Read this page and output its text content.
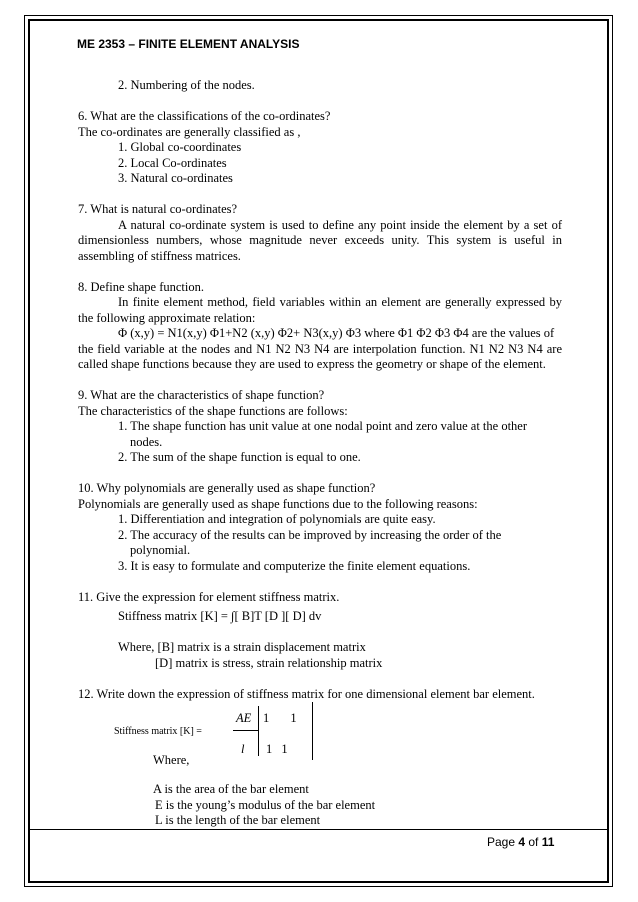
ME 2353 – FINITE ELEMENT ANALYSIS

2. Numbering of the nodes.

6. What are the classifications of the co-ordinates?

The co-ordinates are generally classified as ,

1. Global co-coordinates

2. Local Co-ordinates

3. Natural co-ordinates

7. What is natural co-ordinates?

A natural co-ordinate system is used to define any point inside the element by a set of dimensionless numbers, whose magnitude never exceeds unity. This system is useful in assembling of stiffness matrices.

8. Define shape function.

In finite element method, field variables within an element are generally expressed by the following approximate relation:

Φ (x,y) = N1(x,y) Φ1+N2 (x,y) Φ2+ N3(x,y) Φ3 where Φ1 Φ2 Φ3 Φ4 are the values of

the field variable at the nodes and N1 N2 N3 N4 are interpolation function. N1 N2 N3 N4 are called shape functions because they are used to express the geometry or shape of the element.

9. What are the characteristics of shape function?

The characteristics of the shape functions are follows:

1. The shape function has unit value at one nodal point and zero value at the other nodes.

2. The sum of the shape function is equal to one.

10. Why polynomials are generally used as shape function?

Polynomials are generally used as shape functions due to the following reasons:

1. Differentiation and integration of polynomials are quite easy.

2. The accuracy of the results can be improved by increasing the order of the polynomial.

3. It is easy to formulate and computerize the finite element equations.

11. Give the expression for element stiffness matrix.

Stiffness matrix [K] = ∫[ B]T [D ][ D] dv

Where, [B] matrix is a strain displacement matrix

[D] matrix is stress, strain relationship matrix

12. Write down the expression of stiffness matrix for one dimensional element bar element.

Stiffness matrix [K] =
AE
l
1 1
1 1
Where,

A is the area of the bar element

E is the young’s modulus of the bar element

L is the length of the bar element

Page 4 of 11
